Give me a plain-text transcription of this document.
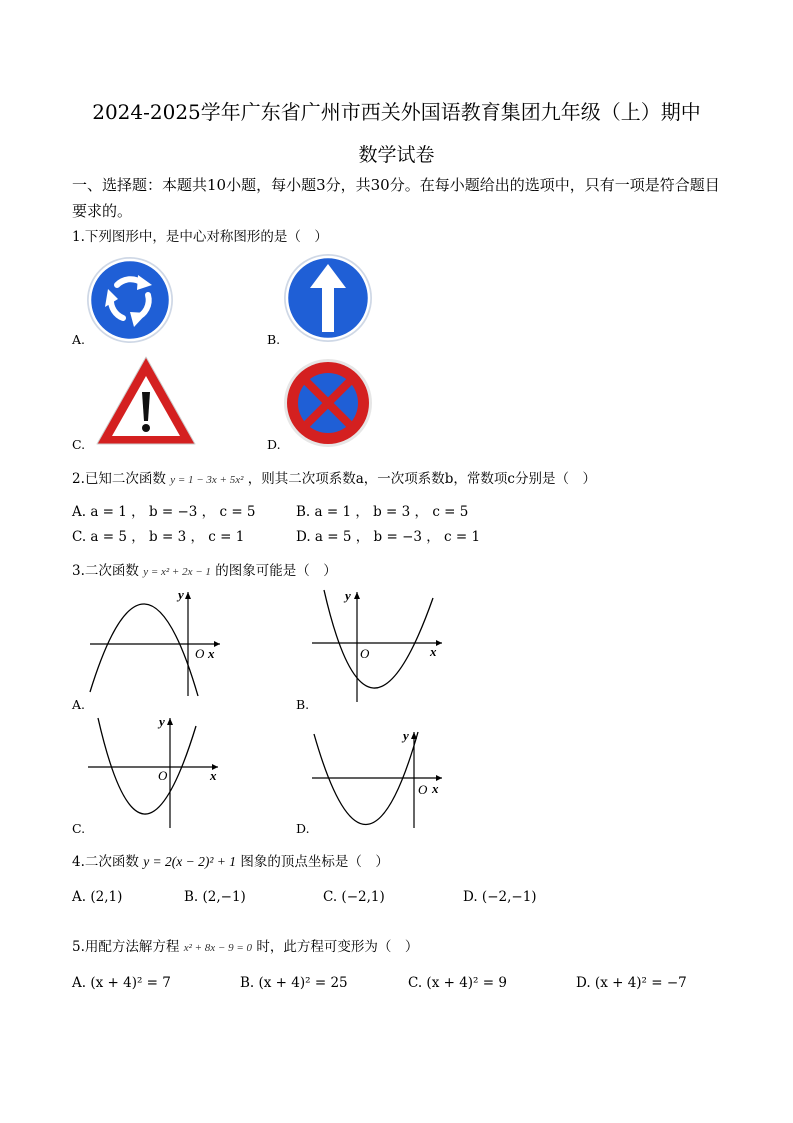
2024-2025学年广东省广州市西关外国语教育集团九年级（上）期中
数学试卷
一、选择题：本题共10小题，每小题3分，共30分。在每小题给出的选项中，只有一项是符合题目要求的。
1.下列图形中，是中心对称图形的是（　）
A.	B.
C.	D.
2.已知二次函数 y = 1 − 3x + 5x² ，则其二次项系数a，一次项系数b，常数项c分别是（　）
A. a = 1 ， b = −3 ， c = 5	B. a = 1 ， b = 3 ， c = 5
C. a = 5 ， b = 3 ， c = 1	D. a = 5 ， b = −3 ， c = 1
3.二次函数 y = x² + 2x − 1 的图象可能是（　）
A.
y
O x
B.
y
O	x
C.
y
O	x
D.
y
O x
4.二次函数 y = 2(x − 2)² + 1 图象的顶点坐标是（　）
A. (2,1)	B. (2,−1)	C. (−2,1)	D. (−2,−1)
5.用配方法解方程 x² + 8x − 9 = 0 时，此方程可变形为（　）
A. (x + 4)² = 7	B. (x + 4)² = 25	C. (x + 4)² = 9	D. (x + 4)² = −7
